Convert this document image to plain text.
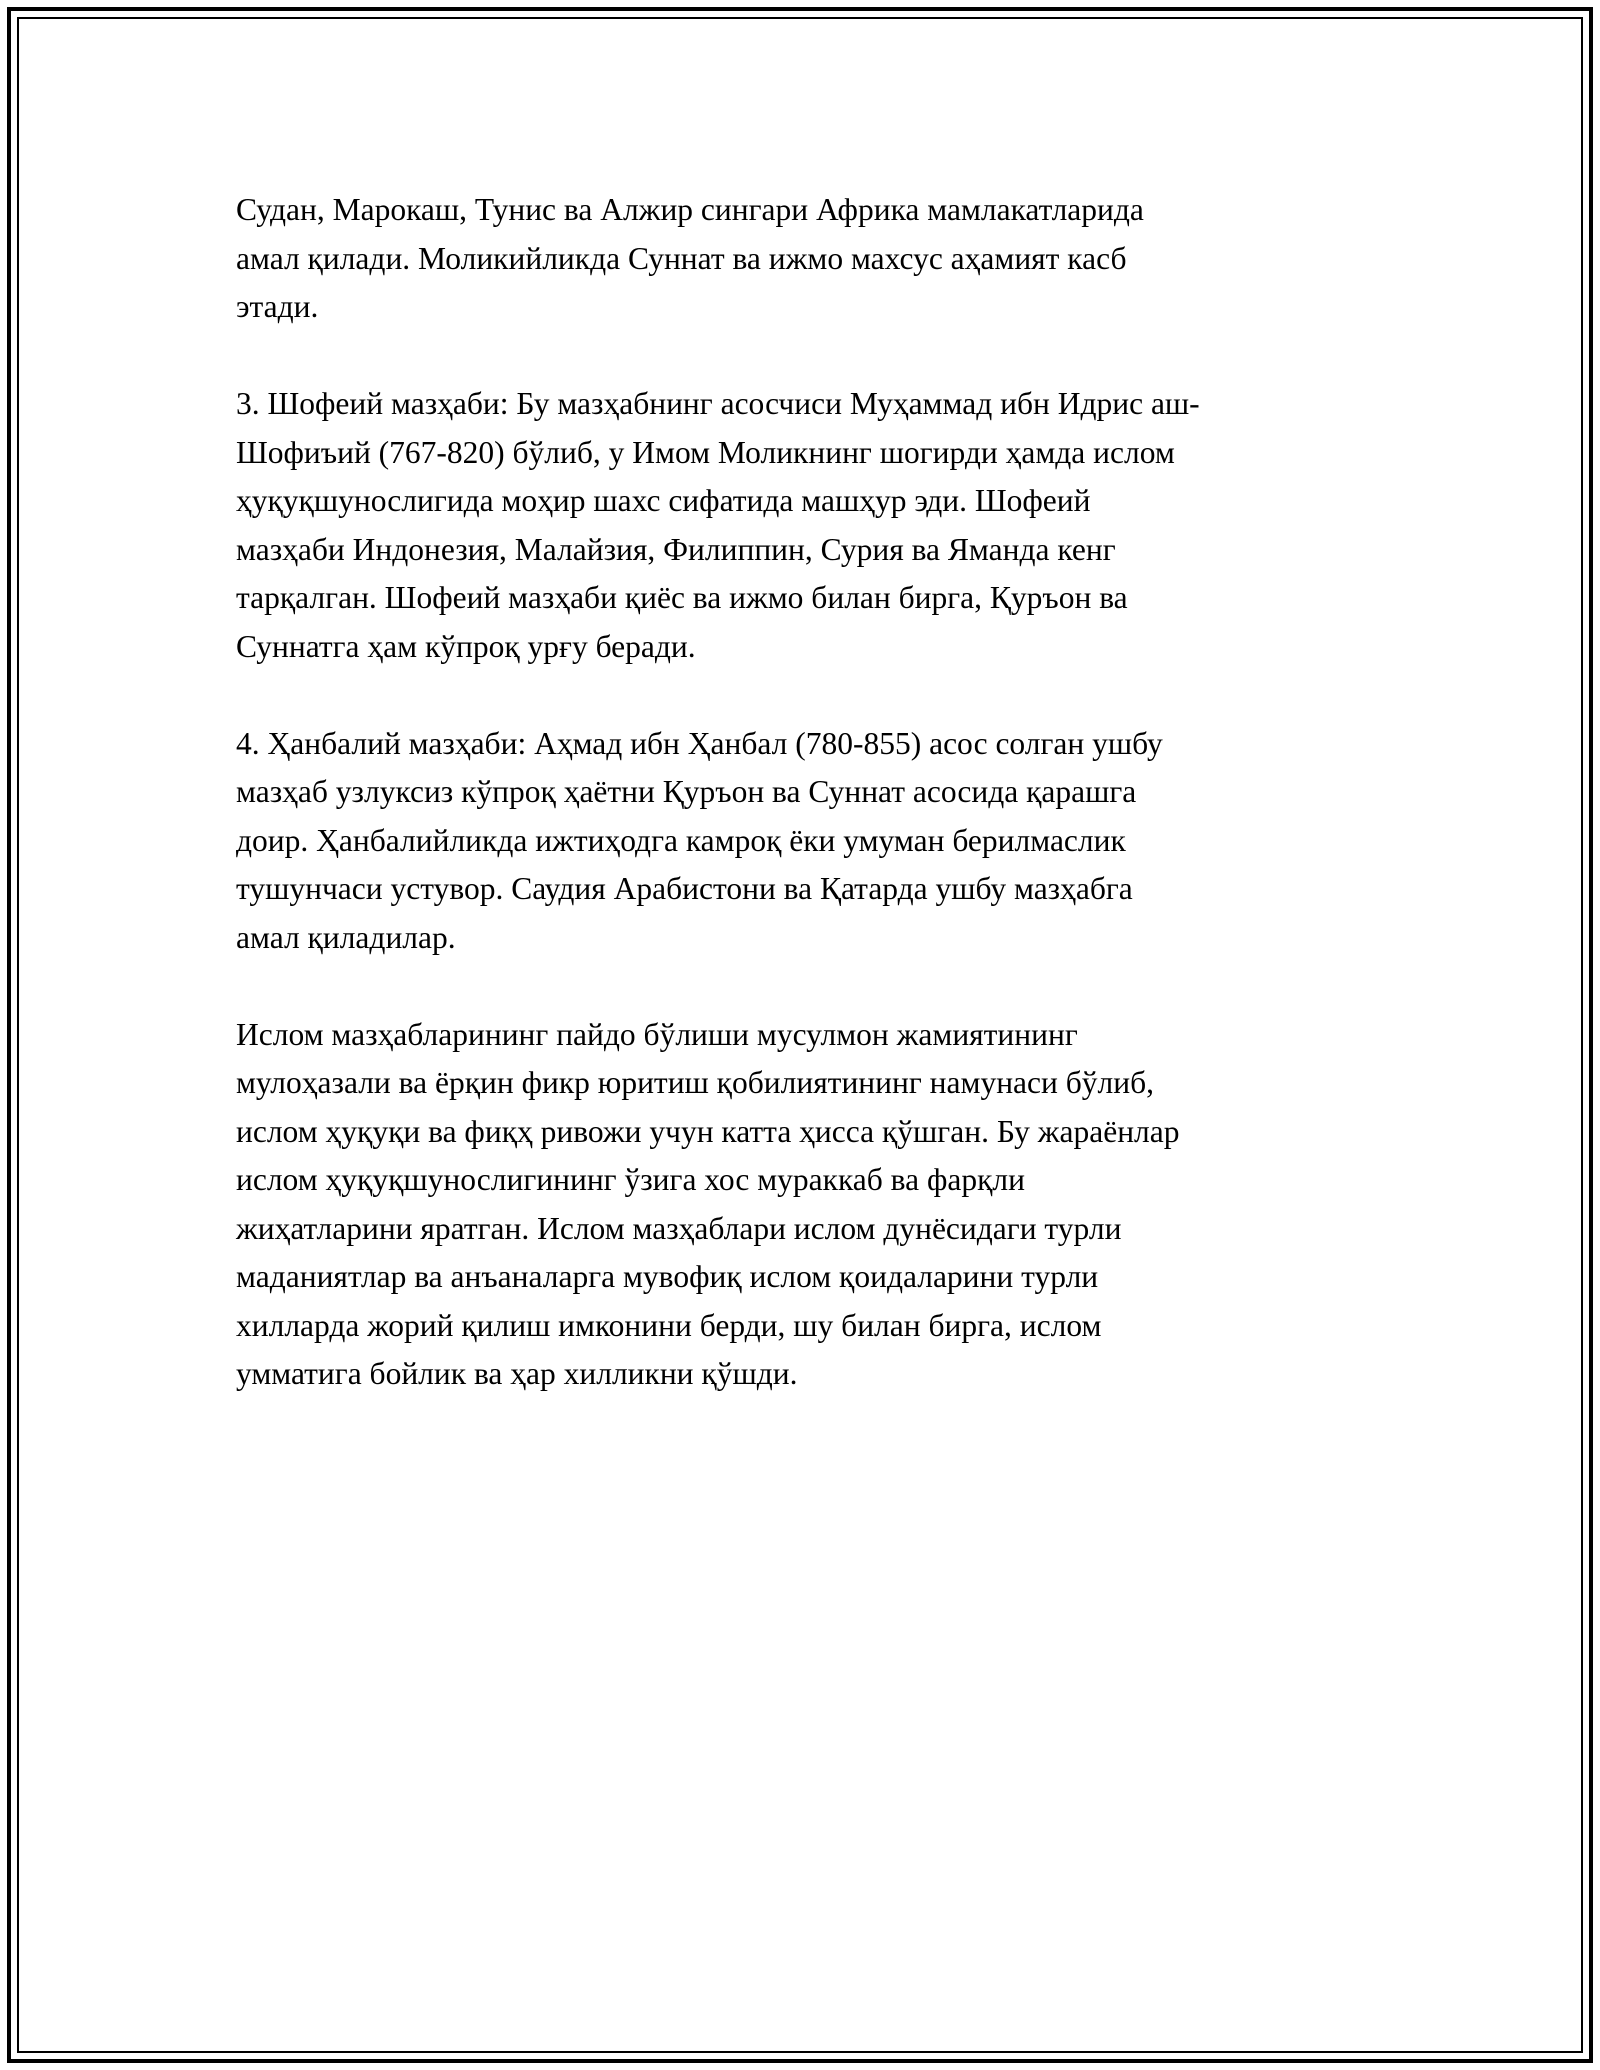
Судан, Марокаш, Тунис ва Алжир сингари Африка мамлакатларида
амал қилади. Моликийликда Суннат ва ижмо махсус аҳамият касб
этади.
3. Шофеий мазҳаби: Бу мазҳабнинг асосчиси Муҳаммад ибн Идрис аш-
Шофиъий (767-820) бўлиб, у Имом Моликнинг шогирди ҳамда ислом
ҳуқуқшунослигида моҳир шахс сифатида машҳур эди. Шофеий
мазҳаби Индонезия, Малайзия, Филиппин, Сурия ва Яманда кенг
тарқалган. Шофеий мазҳаби қиёс ва ижмо билан бирга, Қуръон ва
Суннатга ҳам кўпроқ урғу беради.
4. Ҳанбалий мазҳаби: Аҳмад ибн Ҳанбал (780-855) асос солган ушбу
мазҳаб узлуксиз кўпроқ ҳаётни Қуръон ва Суннат асосида қарашга
доир. Ҳанбалийликда ижтиҳодга камроқ ёки умуман берилмаслик
тушунчаси устувор. Саудия Арабистони ва Қатарда ушбу мазҳабга
амал қиладилар.
Ислом мазҳабларининг пайдо бўлиши мусулмон жамиятининг
мулоҳазали ва ёрқин фикр юритиш қобилиятининг намунаси бўлиб,
ислом ҳуқуқи ва фиқҳ ривожи учун катта ҳисса қўшган. Бу жараёнлар
ислом ҳуқуқшунослигининг ўзига хос мураккаб ва фарқли
жиҳатларини яратган. Ислом мазҳаблари ислом дунёсидаги турли
маданиятлар ва анъаналарга мувофиқ ислом қоидаларини турли
хилларда жорий қилиш имконини берди, шу билан бирга, ислом
умматига бойлик ва ҳар хилликни қўшди.
